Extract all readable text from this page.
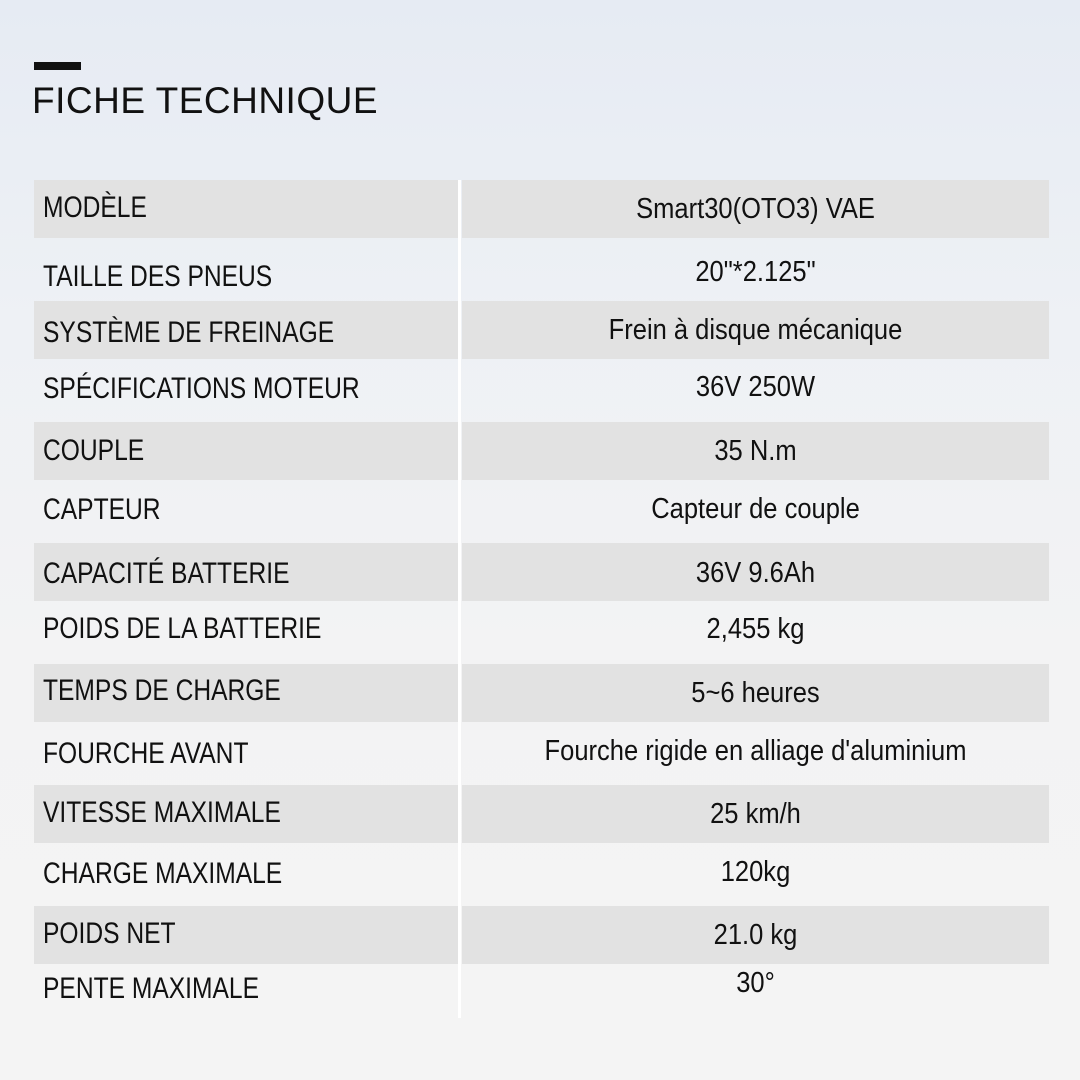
FICHE TECHNIQUE
MODÈLE	Smart30(OTO3) VAE
TAILLE DES PNEUS	20"*2.125"
SYSTÈME DE FREINAGE	Frein à disque mécanique
SPÉCIFICATIONS MOTEUR	36V 250W
COUPLE	35 N.m
CAPTEUR	Capteur de couple
CAPACITÉ BATTERIE	36V 9.6Ah
POIDS DE LA BATTERIE	2,455 kg
TEMPS DE CHARGE	5~6 heures
FOURCHE AVANT	Fourche rigide en alliage d'aluminium
VITESSE MAXIMALE	25 km/h
CHARGE MAXIMALE	120kg
POIDS NET	21.0 kg
PENTE MAXIMALE	30°
